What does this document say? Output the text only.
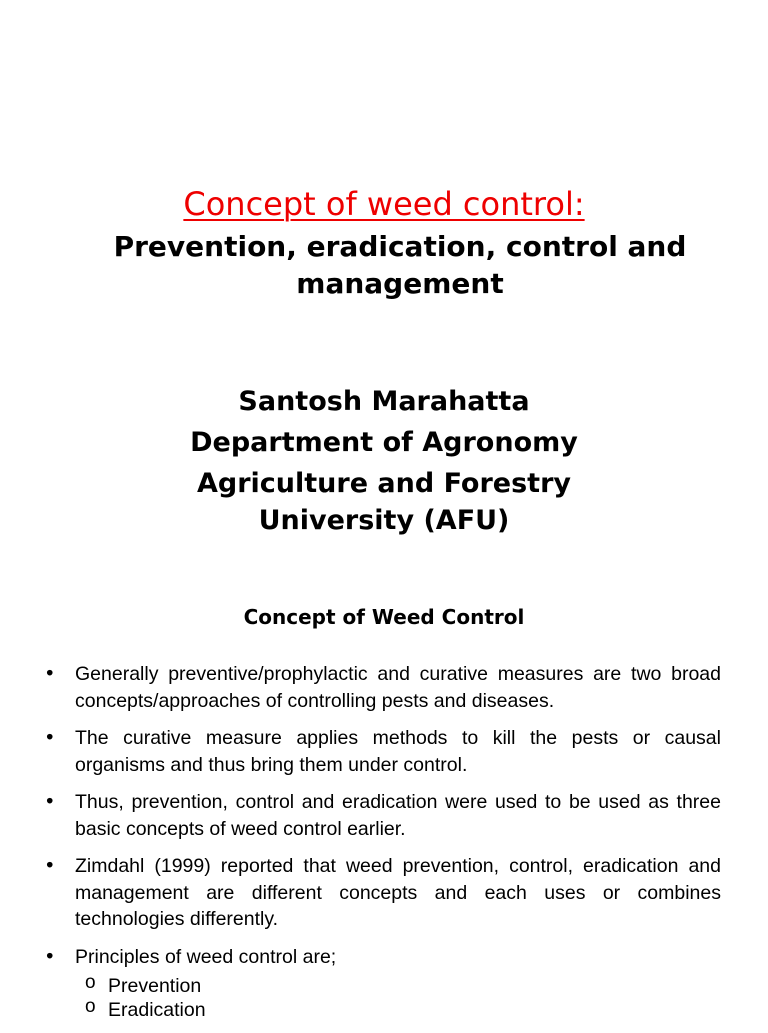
Concept of weed control:
Prevention, eradication, control and management
Santosh Marahatta
Department of Agronomy
Agriculture and Forestry
University (AFU)
Concept of Weed Control
• Generally preventive/prophylactic and curative measures are two broad concepts/approaches of controlling pests and diseases.
• The curative measure applies methods to kill the pests or causal organisms and thus bring them under control.
• Thus, prevention, control and eradication were used to be used as three basic concepts of weed control earlier.
• Zimdahl (1999) reported that weed prevention, control, eradication and management are different concepts and each uses or combines technologies differently.
• Principles of weed control are;
o Prevention
o Eradication
